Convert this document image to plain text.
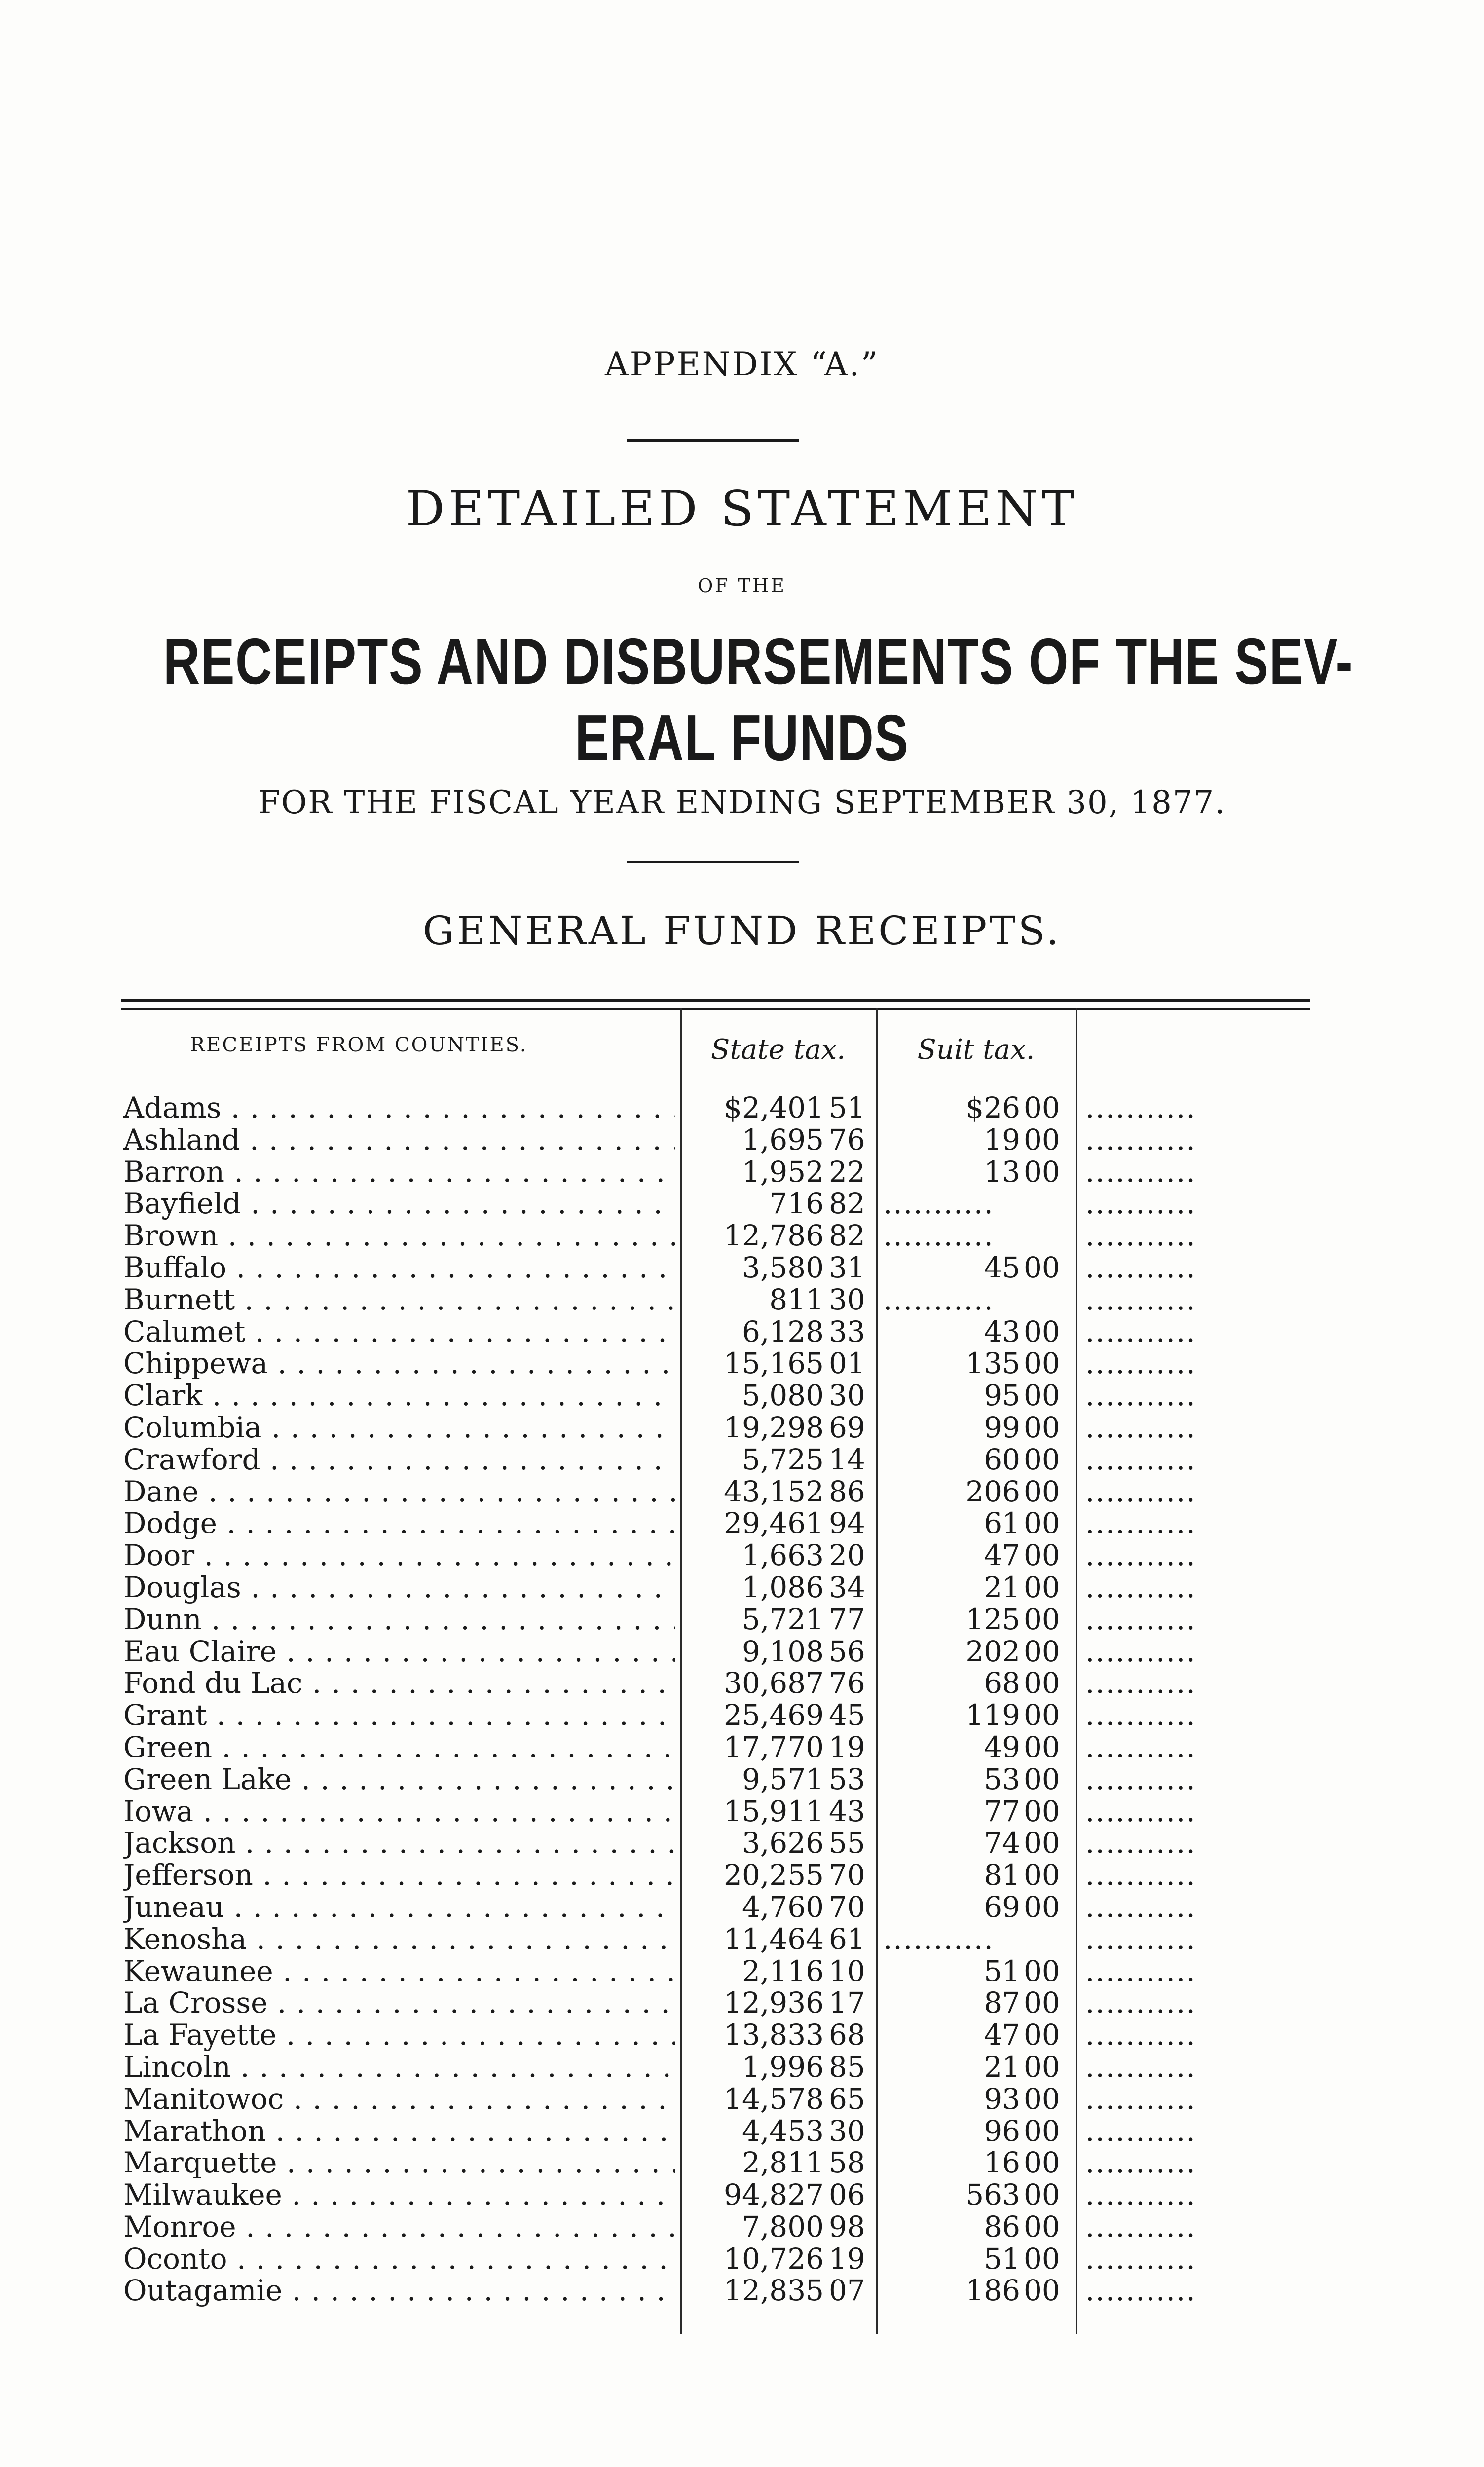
APPENDIX “A.”
DETAILED STATEMENT
OF THE
RECEIPTS AND DISBURSEMENTS OF THE SEV-
ERAL FUNDS
FOR THE FISCAL YEAR ENDING SEPTEMBER 30, 1877.
GENERAL FUND RECEIPTS.
RECEIPTS FROM COUNTIES.	State tax.	Suit tax.
Adams . . .	$2,401 51	$26 00 ...........
Ashland . . .	1,695 76	19 00 ...........
Barron . . .	1,952 22	13 00 ...........
Bayfield . . .	716 82 ...........	...........
Brown . . .	12,786 82 ...........	...........
Buffalo . . .	3,580 31	45 00 ...........
Burnett . . .	811 30 ...........	...........
Calumet . . .	6,128 33	43 00 ...........
Chippewa . . .	15,165 01	135 00 ...........
Clark . . .	5,080 30	95 00 ...........
Columbia . . .	19,298 69	99 00 ...........
Crawford . . .	5,725 14	60 00 ...........
Dane . . .	43,152 86	206 00 ...........
Dodge . . .	29,461 94	61 00 ...........
Door . . .	1,663 20	47 00 ...........
Douglas . . .	1,086 34	21 00 ...........
Dunn . . .	5,721 77	125 00 ...........
Eau Claire . . .	9,108 56	202 00 ...........
Fond du Lac . . .	30,687 76	68 00 ...........
Grant . . .	25,469 45	119 00 ...........
Green . . .	17,770 19	49 00 ...........
Green Lake . . .	9,571 53	53 00 ...........
Iowa . . .	15,911 43	77 00 ...........
Jackson . . .	3,626 55	74 00 ...........
Jefferson . . .	20,255 70	81 00 ...........
Juneau . . .	4,760 70	69 00 ...........
Kenosha . . .	11,464 61 ...........	...........
Kewaunee . . .	2,116 10	51 00 ...........
La Crosse . . .	12,936 17	87 00 ...........
La Fayette . . .	13,833 68	47 00 ...........
Lincoln . . .	1,996 85	21 00 ...........
Manitowoc . . .	14,578 65	93 00 ...........
Marathon . . .	4,453 30	96 00 ...........
Marquette . . .	2,811 58	16 00 ...........
Milwaukee . . .	94,827 06	563 00 ...........
Monroe . . .	7,800 98	86 00 ...........
Oconto . . .	10,726 19	51 00 ...........
Outagamie . . .	12,835 07	186 00 ...........
